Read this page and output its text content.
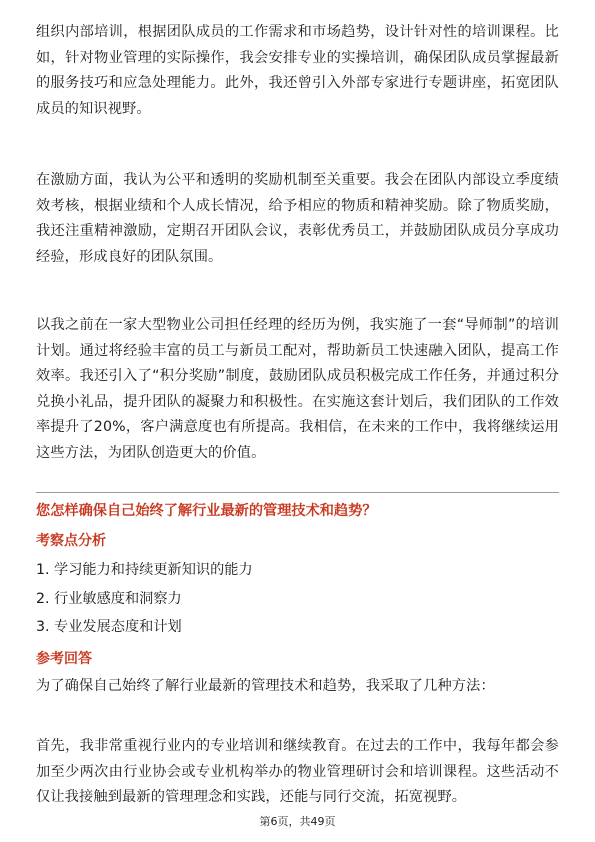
组织内部培训，根据团队成员的工作需求和市场趋势，设计针对性的培训课程。比如，针对物业管理的实际操作，我会安排专业的实操培训，确保团队成员掌握最新的服务技巧和应急处理能力。此外，我还曾引入外部专家进行专题讲座，拓宽团队成员的知识视野。

在激励方面，我认为公平和透明的奖励机制至关重要。我会在团队内部设立季度绩效考核，根据业绩和个人成长情况，给予相应的物质和精神奖励。除了物质奖励，我还注重精神激励，定期召开团队会议，表彰优秀员工，并鼓励团队成员分享成功经验，形成良好的团队氛围。

以我之前在一家大型物业公司担任经理的经历为例，我实施了一套“导师制”的培训计划。通过将经验丰富的员工与新员工配对，帮助新员工快速融入团队，提高工作效率。我还引入了“积分奖励”制度，鼓励团队成员积极完成工作任务，并通过积分兑换小礼品，提升团队的凝聚力和积极性。在实施这套计划后，我们团队的工作效率提升了20%，客户满意度也有所提高。我相信，在未来的工作中，我将继续运用这些方法，为团队创造更大的价值。

您怎样确保自己始终了解行业最新的管理技术和趋势？

考察点分析

1. 学习能力和持续更新知识的能力
2. 行业敏感度和洞察力
3. 专业发展态度和计划

参考回答

为了确保自己始终了解行业最新的管理技术和趋势，我采取了几种方法：

首先，我非常重视行业内的专业培训和继续教育。在过去的工作中，我每年都会参加至少两次由行业协会或专业机构举办的物业管理研讨会和培训课程。这些活动不仅让我接触到最新的管理理念和实践，还能与同行交流，拓宽视野。

第6页，共49页
